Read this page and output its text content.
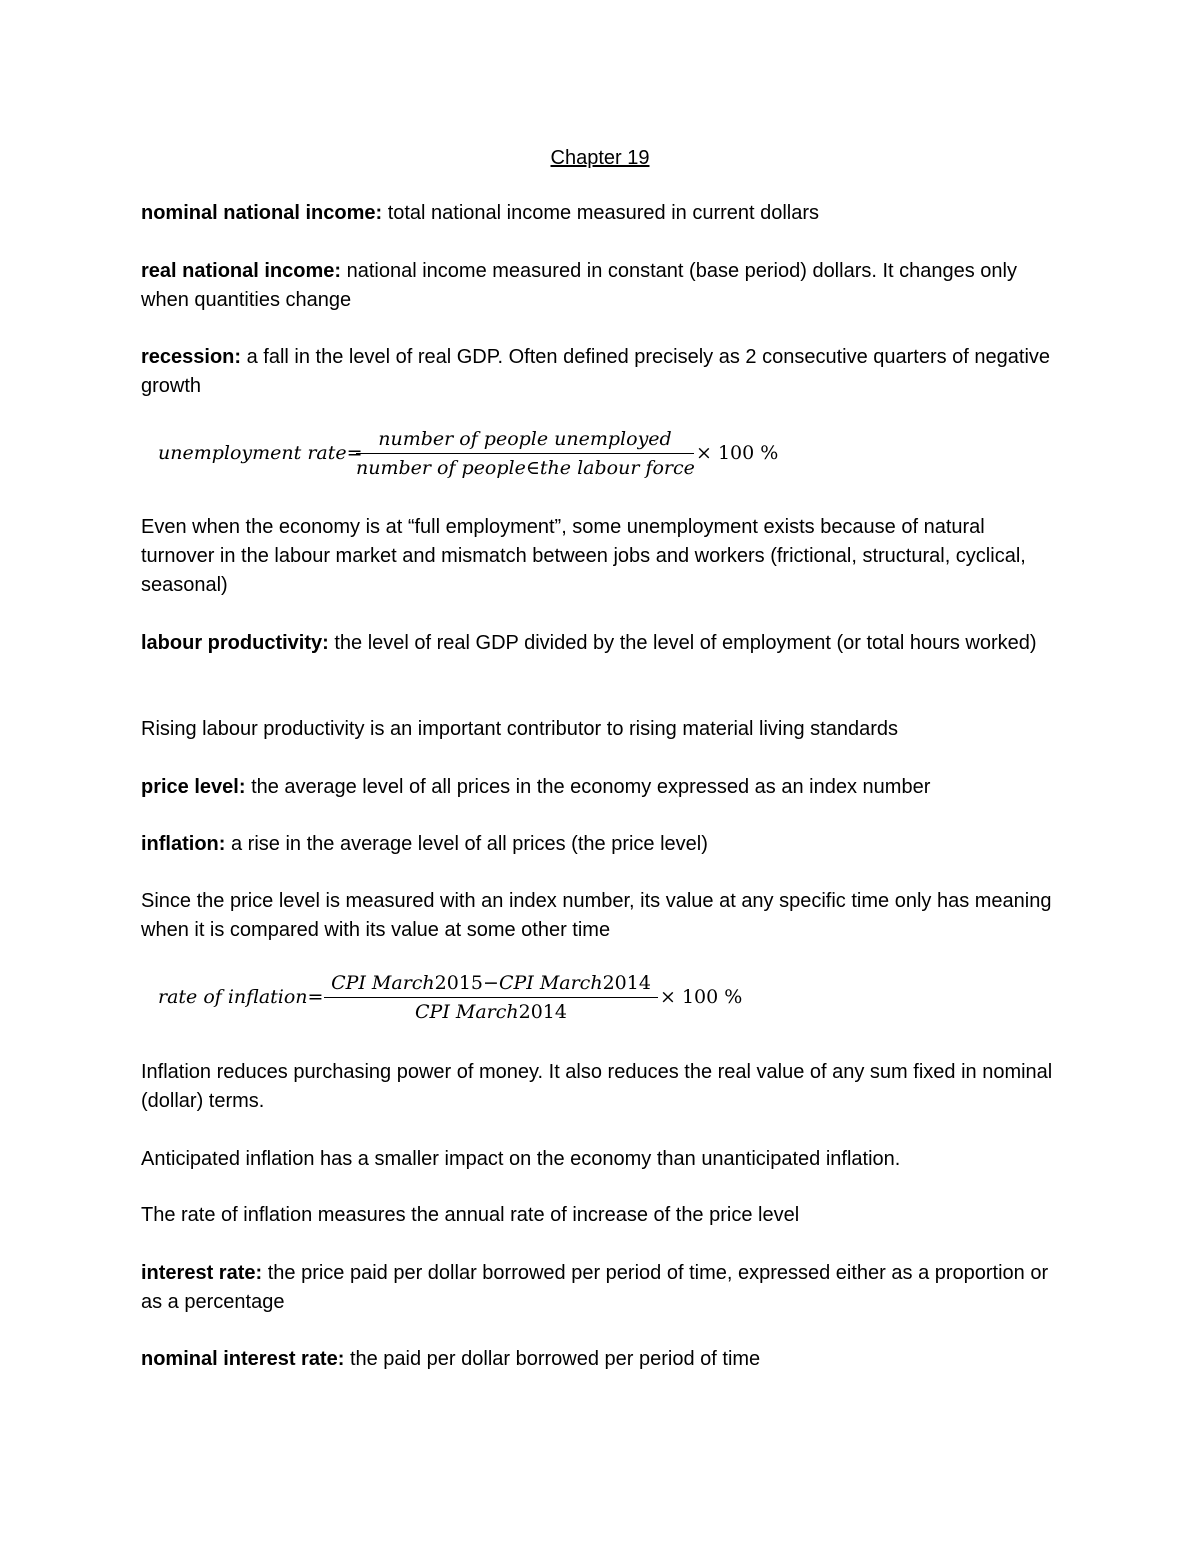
Chapter 19
nominal national income: total national income measured in current dollars
real national income: national income measured in constant (base period) dollars. It changes only when quantities change
recession: a fall in the level of real GDP. Often defined precisely as 2 consecutive quarters of negative growth
unemployment rate=
number of people unemployed
number of people∈the labour force
× 100 %
Even when the economy is at “full employment”, some unemployment exists because of natural turnover in the labour market and mismatch between jobs and workers (frictional, structural, cyclical, seasonal)
labour productivity: the level of real GDP divided by the level of employment (or total hours worked)
Rising labour productivity is an important contributor to rising material living standards
price level: the average level of all prices in the economy expressed as an index number
inflation: a rise in the average level of all prices (the price level)
Since the price level is measured with an index number, its value at any specific time only has meaning when it is compared with its value at some other time
rate of inflation=
CPI March2015−CPI March2014
CPI March2014
× 100 %
Inflation reduces purchasing power of money. It also reduces the real value of any sum fixed in nominal (dollar) terms.
Anticipated inflation has a smaller impact on the economy than unanticipated inflation.
The rate of inflation measures the annual rate of increase of the price level
interest rate: the price paid per dollar borrowed per period of time, expressed either as a proportion or as a percentage
nominal interest rate: the paid per dollar borrowed per period of time
